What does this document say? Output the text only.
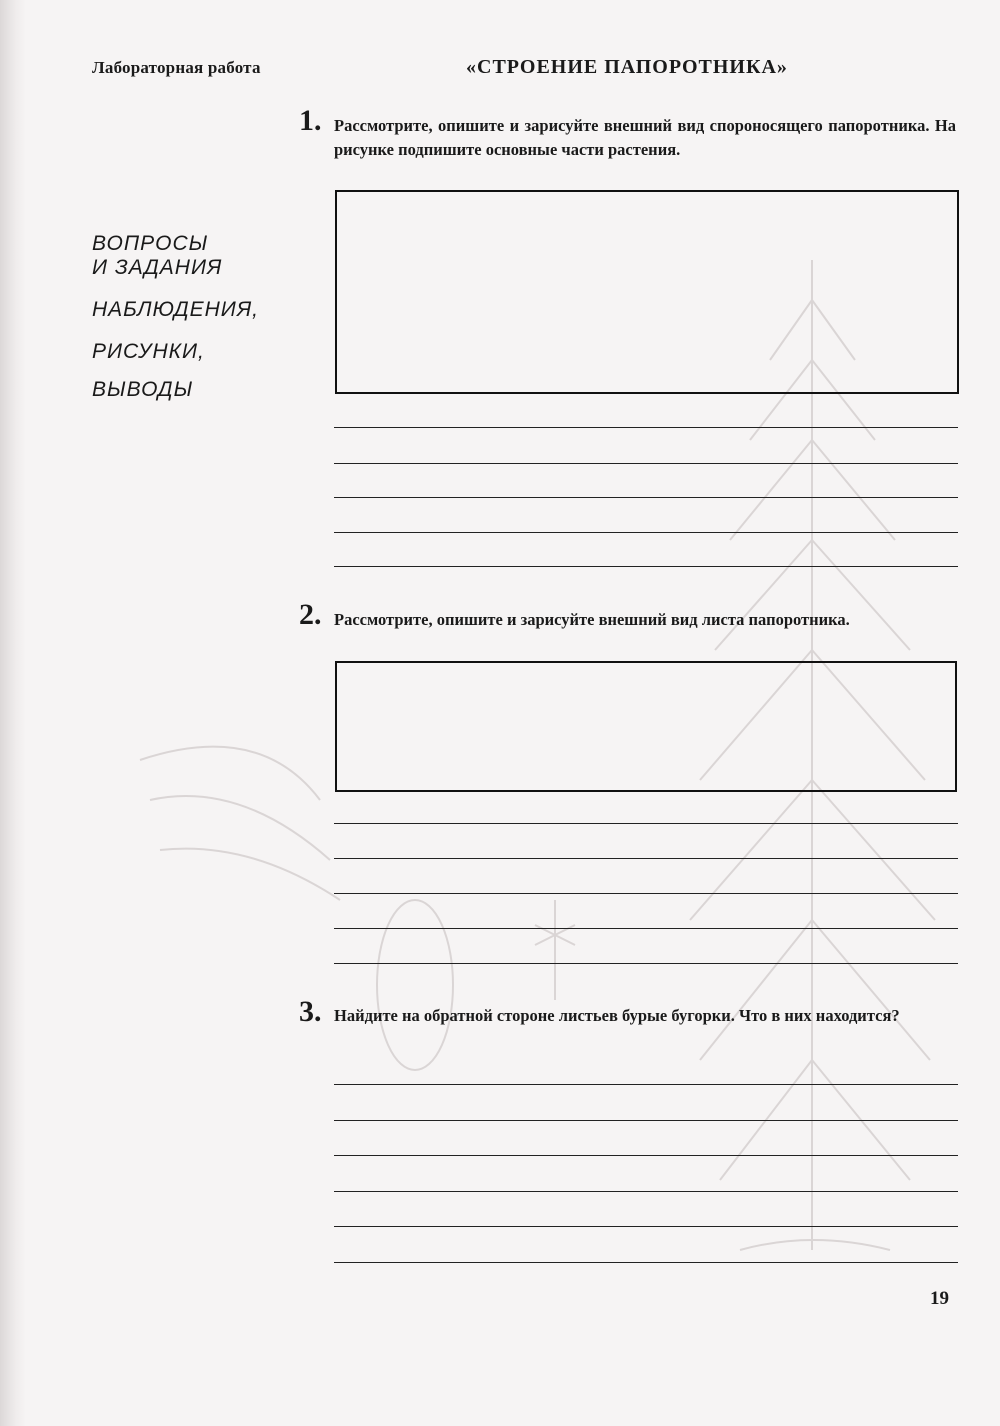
Лабораторная работа	«СТРОЕНИЕ ПАПОРОТНИКА»
ВОПРОСЫ
И ЗАДАНИЯ
НАБЛЮДЕНИЯ,
РИСУНКИ,
ВЫВОДЫ
1. Рассмотрите, опишите и зарисуйте внешний вид спороносящего папоротника. На рисунке подпишите основные части растения.
2. Рассмотрите, опишите и зарисуйте внешний вид листа папоротника.
3. Найдите на обратной стороне листьев бурые бугорки. Что в них находится?
19
